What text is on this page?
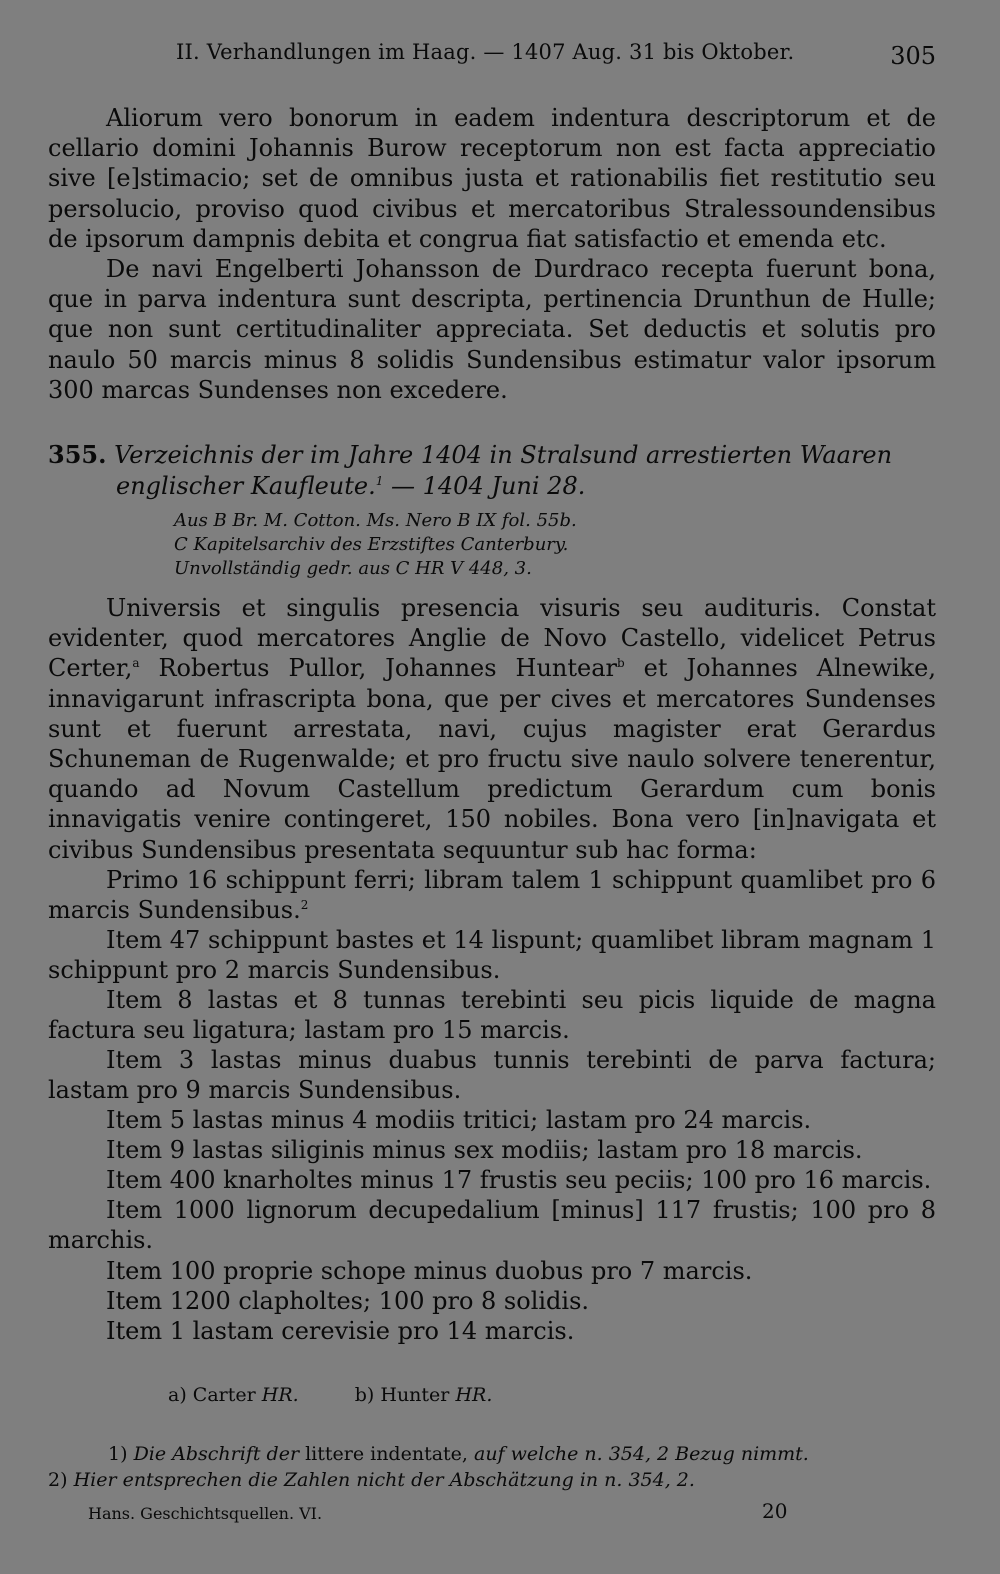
II. Verhandlungen im Haag. — 1407 Aug. 31 bis Oktober.	305
Aliorum vero bonorum in eadem indentura descriptorum et de cellario domini Johannis Burow receptorum non est facta appreciatio sive [e]stimacio; set de omnibus justa et rationabilis fiet restitutio seu persolucio, proviso quod civibus et mercatoribus Stralessoundensibus de ipsorum dampnis debita et congrua fiat satisfactio et emenda etc.
De navi Engelberti Johansson de Durdraco recepta fuerunt bona, que in parva indentura sunt descripta, pertinencia Drunthun de Hulle; que non sunt certitudinaliter appreciata. Set deductis et solutis pro naulo 50 marcis minus 8 solidis Sundensibus estimatur valor ipsorum 300 marcas Sundenses non excedere.
355. Verzeichnis der im Jahre 1404 in Stralsund arrestierten Waaren
englischer Kaufleute.$^1$ — 1404 Juni 28.
Aus B Br. M. Cotton. Ms. Nero B IX fol. 55b.
C Kapitelsarchiv des Erzstiftes Canterbury.
Unvollständig gedr. aus C HR V 448, 3.
Universis et singulis presencia visuris seu audituris. Constat evidenter, quod mercatores Anglie de Novo Castello, videlicet Petrus Certer,$^a$ Robertus Pullor, Johannes Huntear$^b$ et Johannes Alnewike, innavigarunt infrascripta bona, que per cives et mercatores Sundenses sunt et fuerunt arrestata, navi, cujus magister erat Gerardus Schuneman de Rugenwalde; et pro fructu sive naulo solvere tenerentur, quando ad Novum Castellum predictum Gerardum cum bonis innavigatis venire contingeret, 150 nobiles. Bona vero [in]navigata et civibus Sundensibus presentata sequuntur sub hac forma:
Primo 16 schippunt ferri; libram talem 1 schippunt quamlibet pro 6 marcis Sundensibus.$^2$
Item 47 schippunt bastes et 14 lispunt; quamlibet libram magnam 1 schippunt pro 2 marcis Sundensibus.
Item 8 lastas et 8 tunnas terebinti seu picis liquide de magna factura seu ligatura; lastam pro 15 marcis.
Item 3 lastas minus duabus tunnis terebinti de parva factura; lastam pro 9 marcis Sundensibus.
Item 5 lastas minus 4 modiis tritici; lastam pro 24 marcis.
Item 9 lastas siliginis minus sex modiis; lastam pro 18 marcis.
Item 400 knarholtes minus 17 frustis seu peciis; 100 pro 16 marcis.
Item 1000 lignorum decupedalium [minus] 117 frustis; 100 pro 8 marchis.
Item 100 proprie schope minus duobus pro 7 marcis.
Item 1200 clapholtes; 100 pro 8 solidis.
Item 1 lastam cerevisie pro 14 marcis.
a) Carter HR.	b) Hunter HR.
1) Die Abschrift der littere indentate, auf welche n. 354, 2 Bezug nimmt.
2) Hier entsprechen die Zahlen nicht der Abschätzung in n. 354, 2.
Hans. Geschichtsquellen. VI.	20
